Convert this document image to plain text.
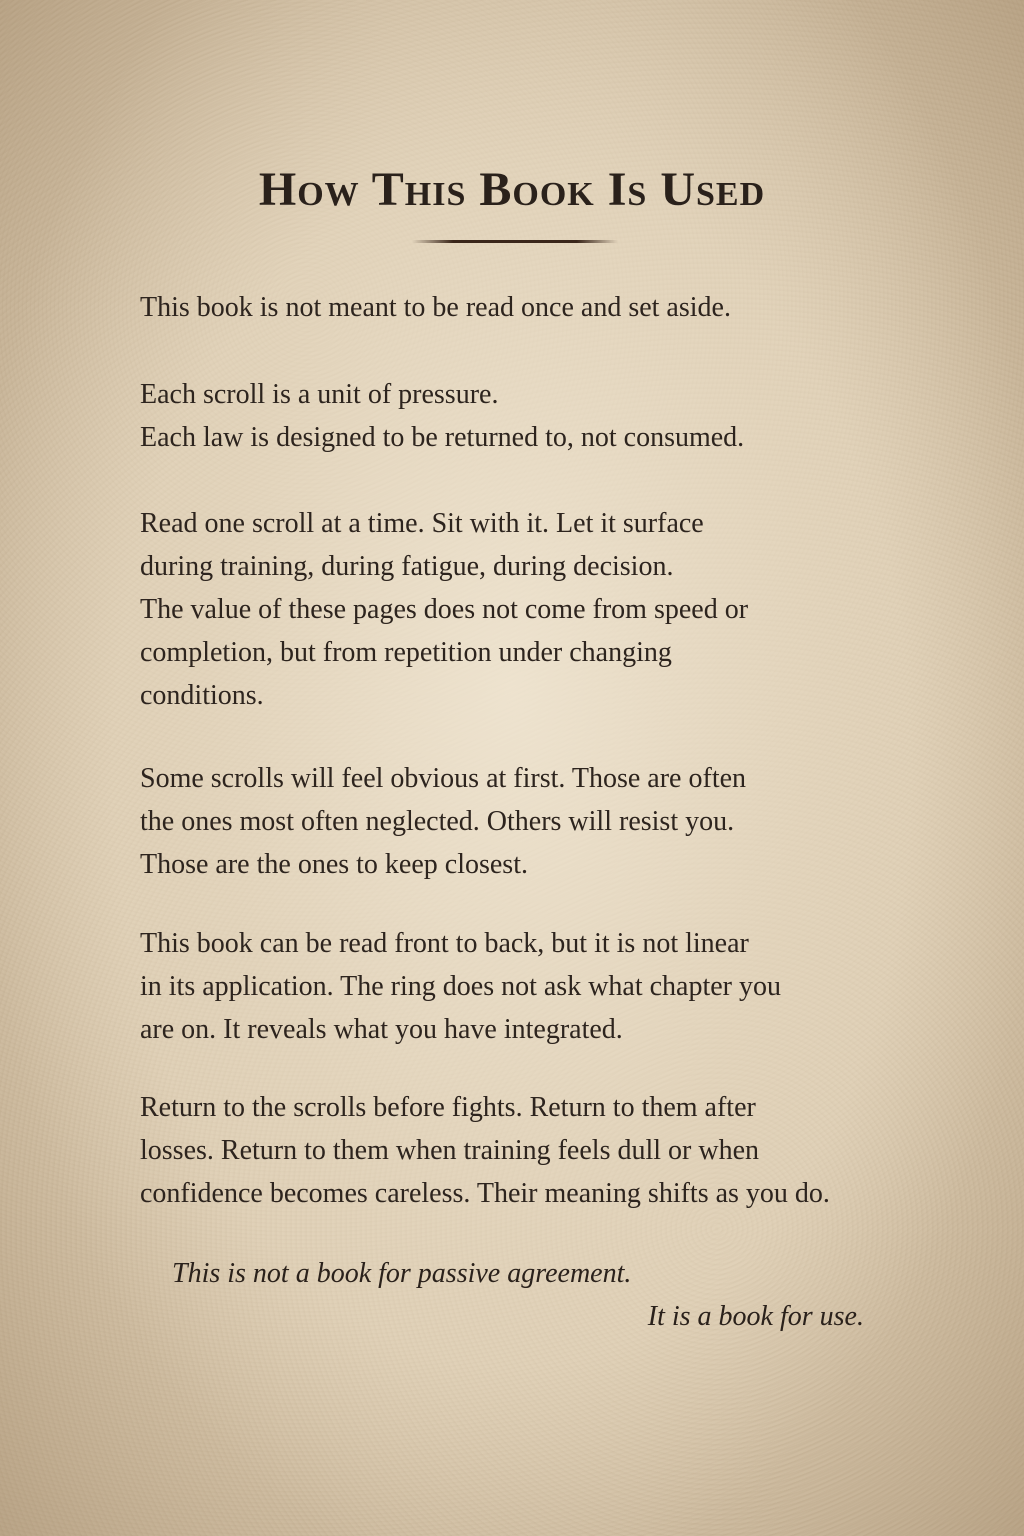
How This Book Is Used

This book is not meant to be read once and set aside.

Each scroll is a unit of pressure.
Each law is designed to be returned to, not consumed.

Read one scroll at a time. Sit with it. Let it surface
during training, during fatigue, during decision.
The value of these pages does not come from speed or
completion, but from repetition under changing
conditions.

Some scrolls will feel obvious at first. Those are often
the ones most often neglected. Others will resist you.
Those are the ones to keep closest.

This book can be read front to back, but it is not linear
in its application. The ring does not ask what chapter you
are on. It reveals what you have integrated.

Return to the scrolls before fights. Return to them after
losses. Return to them when training feels dull or when
confidence becomes careless. Their meaning shifts as you do.

This is not a book for passive agreement.
It is a book for use.
